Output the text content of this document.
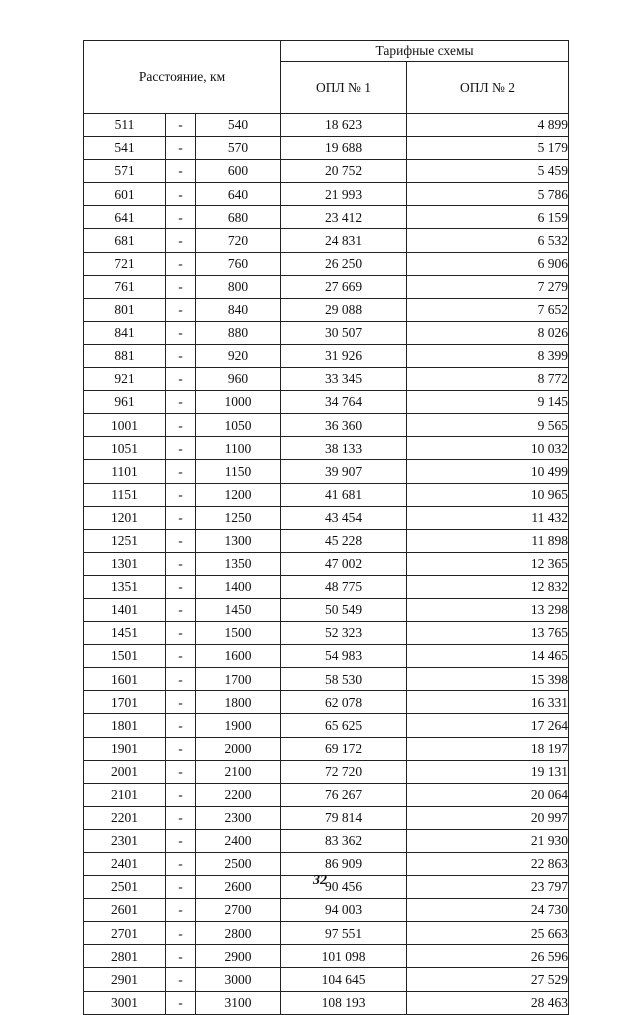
Расстояние, км			Тарифные схемы	
			ОПЛ № 1	ОПЛ № 2
511	-	540	18 623	4 899
541	-	570	19 688	5 179
571	-	600	20 752	5 459
601	-	640	21 993	5 786
641	-	680	23 412	6 159
681	-	720	24 831	6 532
721	-	760	26 250	6 906
761	-	800	27 669	7 279
801	-	840	29 088	7 652
841	-	880	30 507	8 026
881	-	920	31 926	8 399
921	-	960	33 345	8 772
961	-	1000	34 764	9 145
1001	-	1050	36 360	9 565
1051	-	1100	38 133	10 032
1101	-	1150	39 907	10 499
1151	-	1200	41 681	10 965
1201	-	1250	43 454	11 432
1251	-	1300	45 228	11 898
1301	-	1350	47 002	12 365
1351	-	1400	48 775	12 832
1401	-	1450	50 549	13 298
1451	-	1500	52 323	13 765
1501	-	1600	54 983	14 465
1601	-	1700	58 530	15 398
1701	-	1800	62 078	16 331
1801	-	1900	65 625	17 264
1901	-	2000	69 172	18 197
2001	-	2100	72 720	19 131
2101	-	2200	76 267	20 064
2201	-	2300	79 814	20 997
2301	-	2400	83 362	21 930
2401	-	2500	86 909	22 863
2501	-	2600	90 456	23 797
2601	-	2700	94 003	24 730
2701	-	2800	97 551	25 663
2801	-	2900	101 098	26 596
2901	-	3000	104 645	27 529
3001	-	3100	108 193	28 463
32
